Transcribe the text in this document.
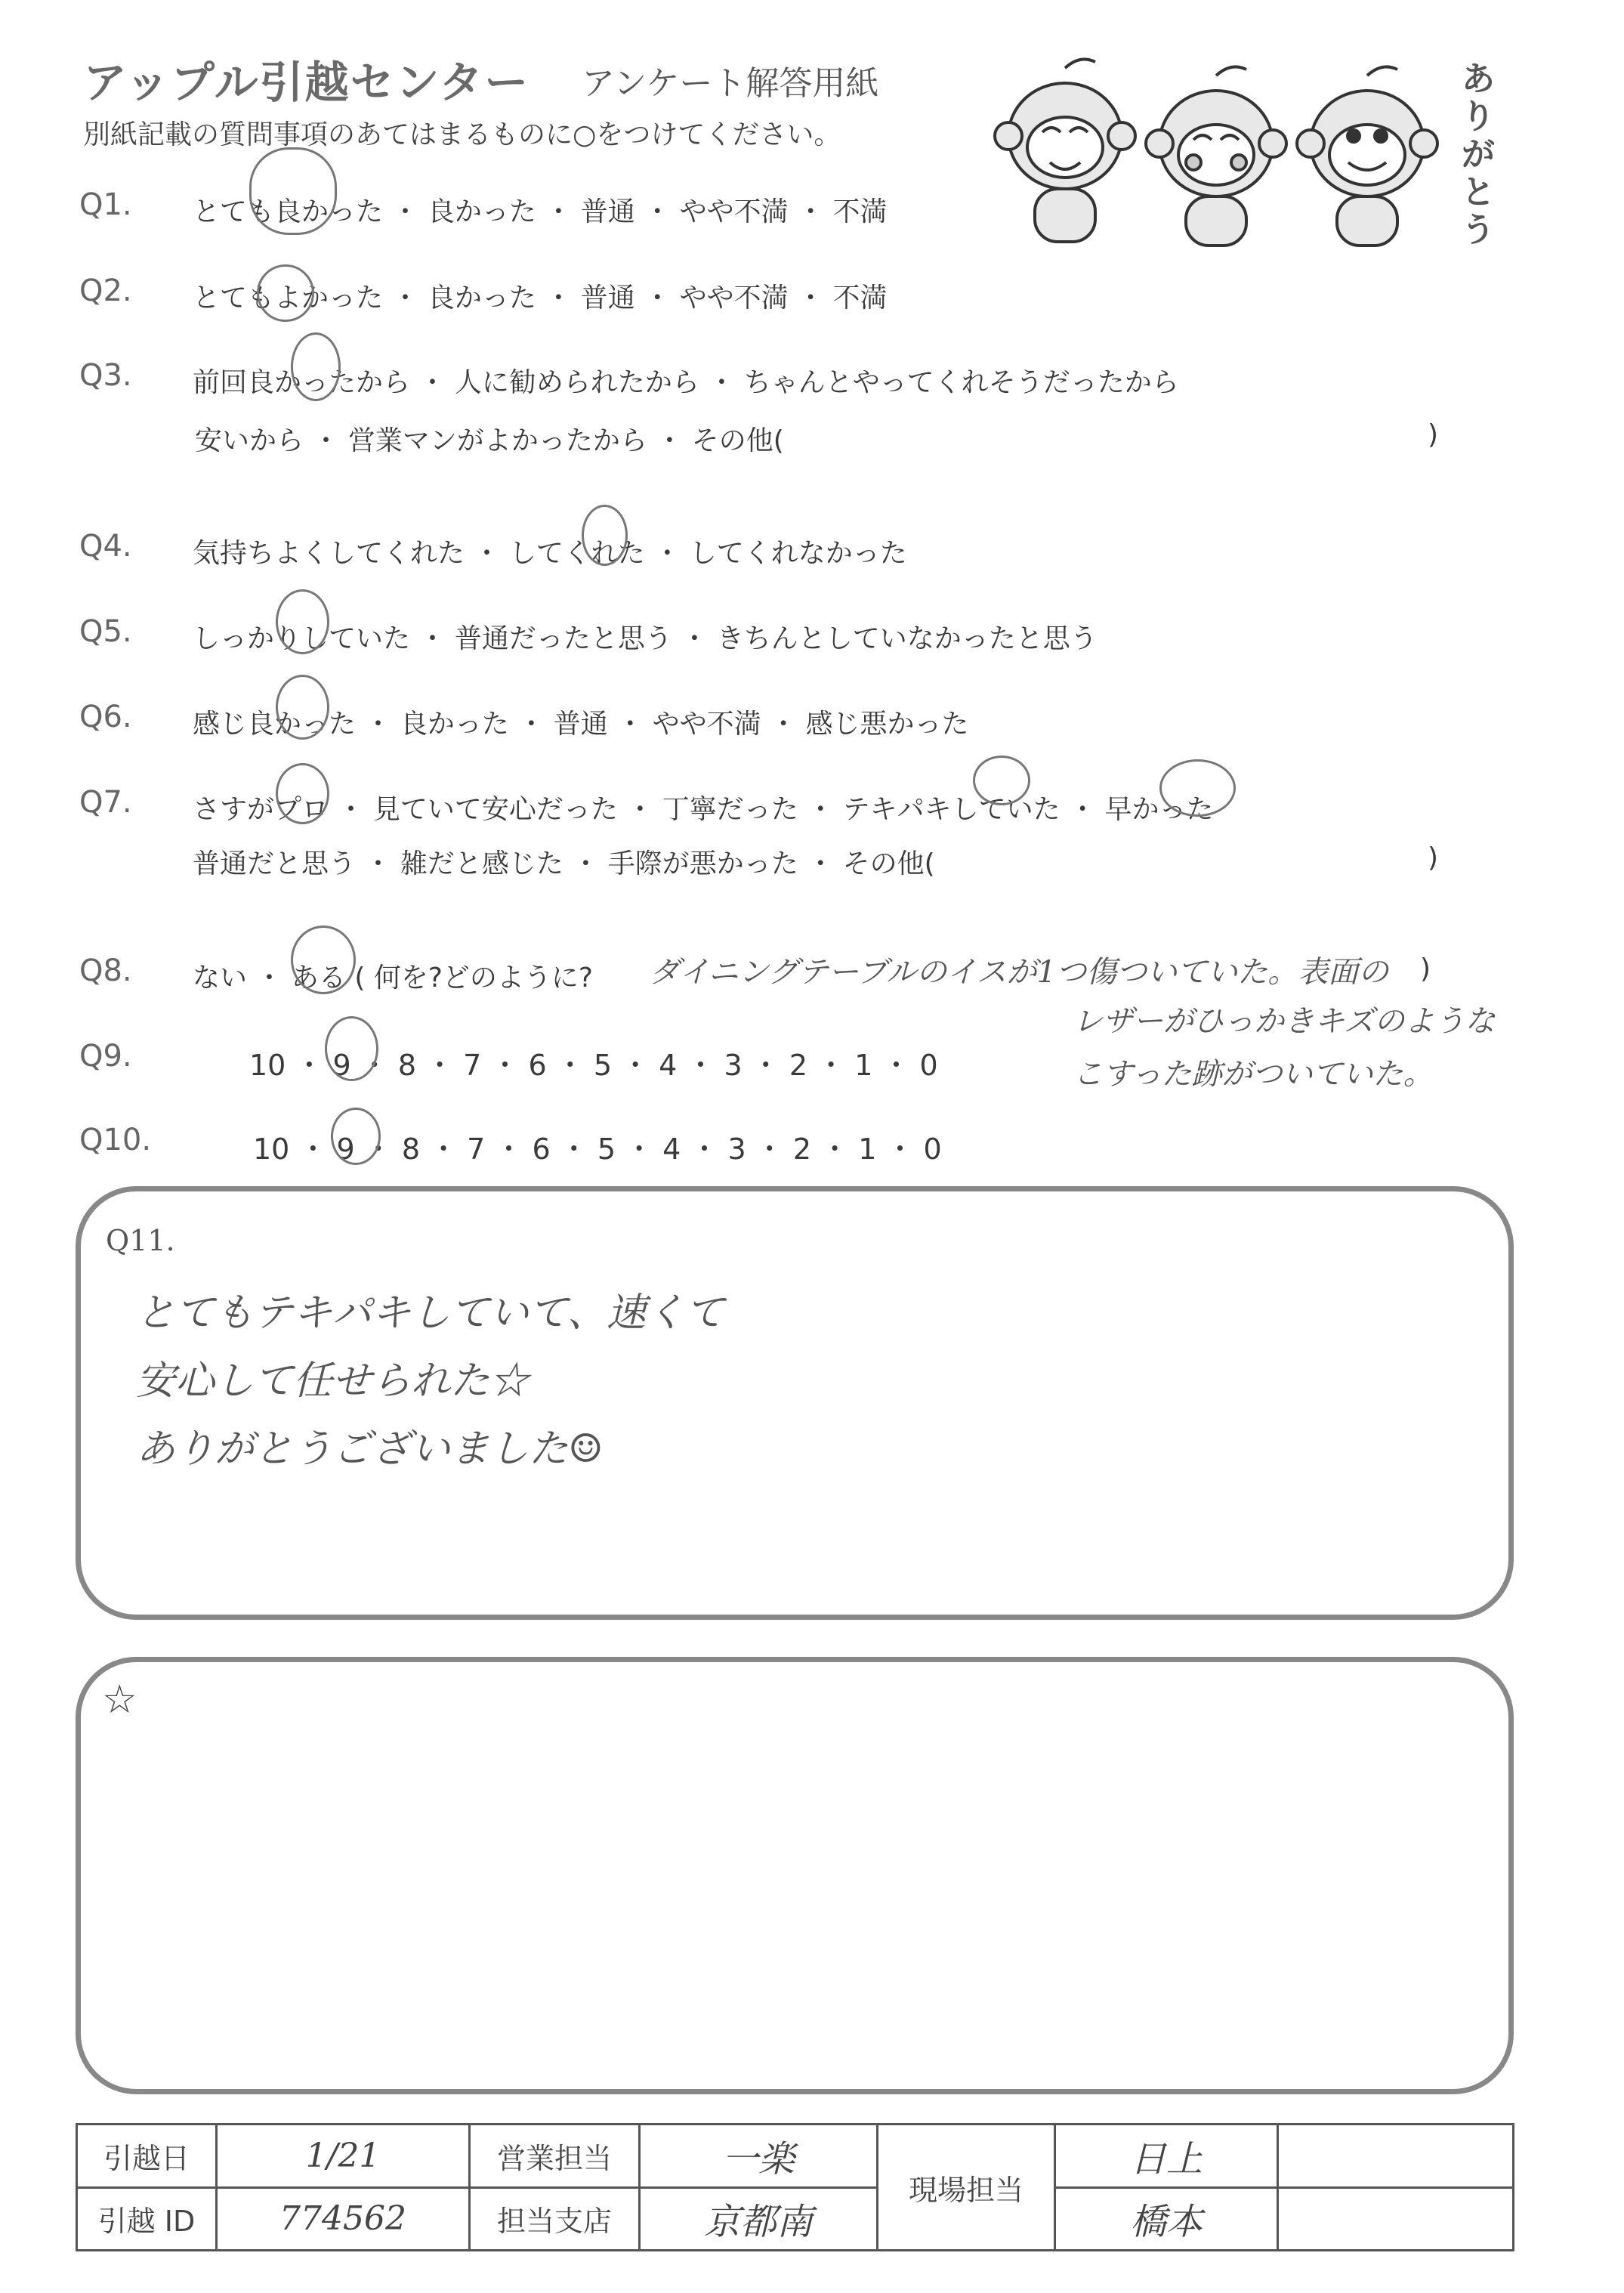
アップル引越センター アンケート解答用紙
別紙記載の質問事項のあてはまるものに○をつけてください。
ありがとう
Q1. とても良かった ・ 良かった ・ 普通 ・ やや不満 ・ 不満
Q2. とてもよかった ・ 良かった ・ 普通 ・ やや不満 ・ 不満
Q3. 前回良かったから ・ 人に勧められたから ・ ちゃんとやってくれそうだったから
安いから ・ 営業マンがよかったから ・ その他(	)
Q4. 気持ちよくしてくれた ・ してくれた ・ してくれなかった
Q5. しっかりしていた ・ 普通だったと思う ・ きちんとしていなかったと思う
Q6. 感じ良かった ・ 良かった ・ 普通 ・ やや不満 ・ 感じ悪かった
Q7. さすがプロ ・ 見ていて安心だった ・ 丁寧だった ・ テキパキしていた ・ 早かった
普通だと思う ・ 雑だと感じた ・ 手際が悪かった ・ その他(	)
Q8. ない ・ ある ( 何を?どのように?	)
Q9.	10 ・ 9 ・ 8 ・ 7 ・ 6 ・ 5 ・ 4 ・ 3 ・ 2 ・ 1 ・ 0
Q10.	10 ・ 9 ・ 8 ・ 7 ・ 6 ・ 5 ・ 4 ・ 3 ・ 2 ・ 1 ・ 0
ダイニングテーブルのイスが1つ傷ついていた。表面の
レザーがひっかきキズのような
こすった跡がついていた。
Q11.
とてもテキパキしていて、速くて
安心して任せられた☆
ありがとうございました☺
☆
引越日	1/21	営業担当	一楽	現場担当	日上	
引越 ID	774562	担当支店	京都南		橋本	
